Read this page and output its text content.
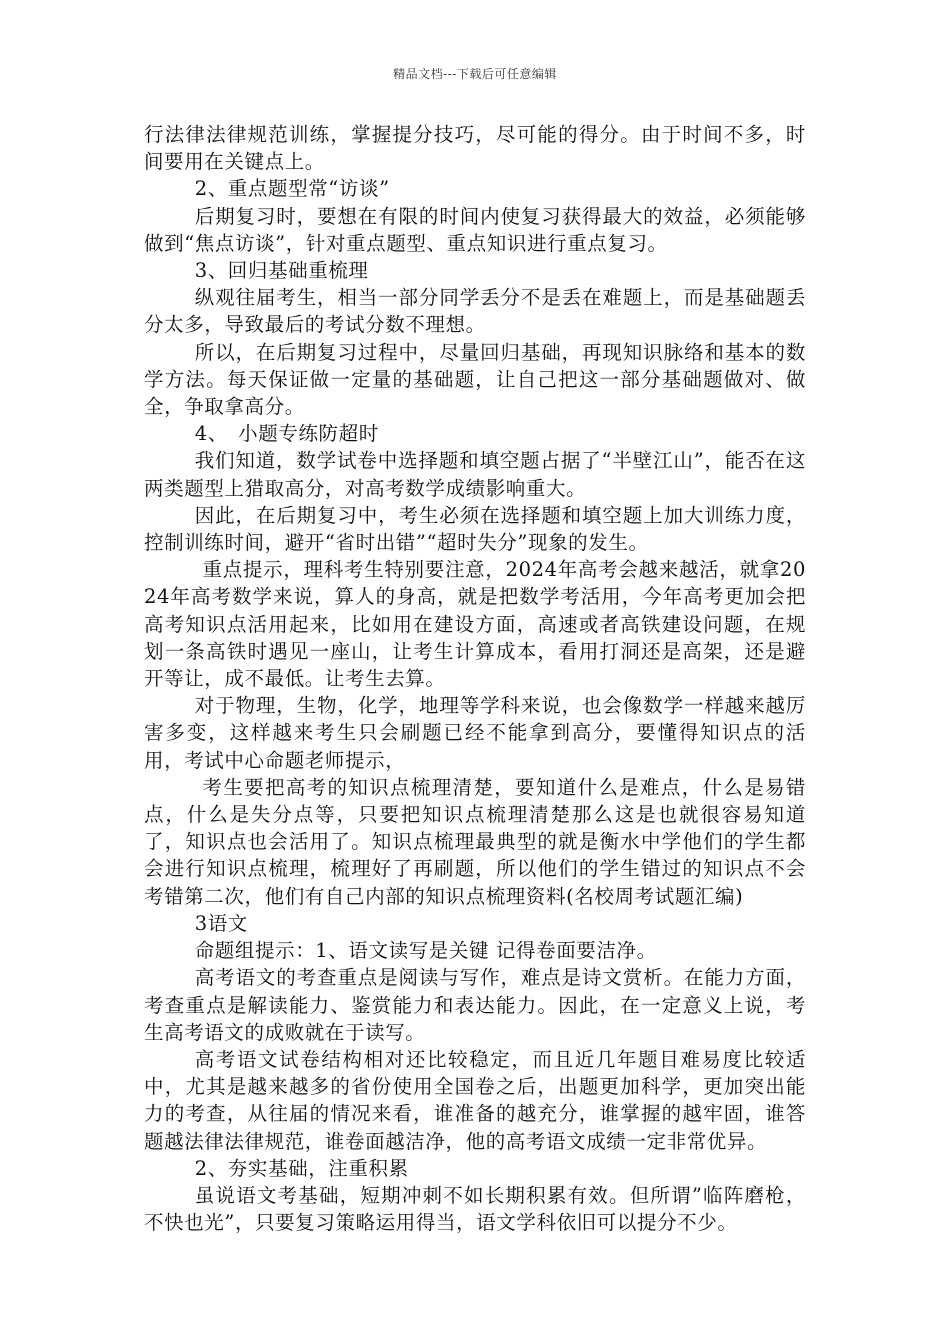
精品文档---下载后可任意编辑

行法律法律规范训练，掌握提分技巧，尽可能的得分。由于时间不多，时间要用在关键点上。

2、重点题型常“访谈”

后期复习时，要想在有限的时间内使复习获得最大的效益，必须能够做到“焦点访谈”，针对重点题型、重点知识进行重点复习。

3、回归基础重梳理

纵观往届考生，相当一部分同学丢分不是丢在难题上，而是基础题丢分太多，导致最后的考试分数不理想。

所以，在后期复习过程中，尽量回归基础，再现知识脉络和基本的数学方法。每天保证做一定量的基础题，让自己把这一部分基础题做对、做全，争取拿高分。

4、　小题专练防超时

我们知道，数学试卷中选择题和填空题占据了“半壁江山”，能否在这两类题型上猎取高分，对高考数学成绩影响重大。

因此，在后期复习中，考生必须在选择题和填空题上加大训练力度，控制训练时间，避开“省时出错”“超时失分”现象的发生。

重点提示，理科考生特别要注意，2024年高考会越来越活，就拿2024年高考数学来说，算人的身高，就是把数学考活用，今年高考更加会把高考知识点活用起来，比如用在建设方面，高速或者高铁建设问题，在规划一条高铁时遇见一座山，让考生计算成本，看用打洞还是高架，还是避开等让，成不最低。让考生去算。

对于物理，生物，化学，地理等学科来说，也会像数学一样越来越厉害多变，这样越来考生只会刷题已经不能拿到高分，要懂得知识点的活用，考试中心命题老师提示，

考生要把高考的知识点梳理清楚，要知道什么是难点，什么是易错点，什么是失分点等，只要把知识点梳理清楚那么这是也就很容易知道了，知识点也会活用了。知识点梳理最典型的就是衡水中学他们的学生都会进行知识点梳理，梳理好了再刷题，所以他们的学生错过的知识点不会考错第二次，他们有自己内部的知识点梳理资料(名校周考试题汇编)

3语文

命题组提示：1、语文读写是关键 记得卷面要洁净。

高考语文的考查重点是阅读与写作，难点是诗文赏析。在能力方面，考查重点是解读能力、鉴赏能力和表达能力。因此，在一定意义上说，考生高考语文的成败就在于读写。

高考语文试卷结构相对还比较稳定，而且近几年题目难易度比较适中，尤其是越来越多的省份使用全国卷之后，出题更加科学，更加突出能力的考查，从往届的情况来看，谁准备的越充分，谁掌握的越牢固，谁答题越法律法律规范，谁卷面越洁净，他的高考语文成绩一定非常优异。

2、夯实基础，注重积累

虽说语文考基础，短期冲刺不如长期积累有效。但所谓”临阵磨枪，不快也光”，只要复习策略运用得当，语文学科依旧可以提分不少。
